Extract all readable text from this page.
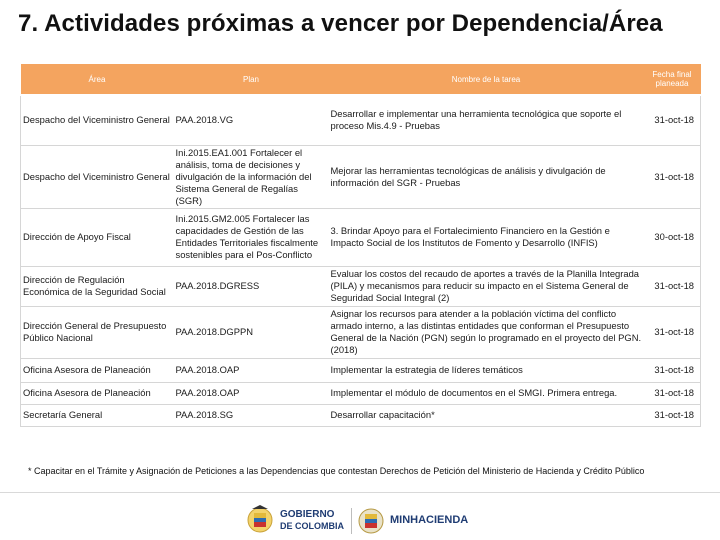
7. Actividades próximas a vencer por Dependencia/Área
Área	Plan	Nombre de la tarea	Fecha final planeada
Despacho del Viceministro General	PAA.2018.VG	Desarrollar e implementar una herramienta tecnológica que soporte el proceso Mis.4.9 - Pruebas	31-oct-18
Despacho del Viceministro General	Ini.2015.EA1.001 Fortalecer el análisis, toma de decisiones y divulgación de la información del Sistema General de Regalías (SGR)	Mejorar las herramientas tecnológicas de análisis y divulgación de información del SGR - Pruebas	31-oct-18
Dirección de Apoyo Fiscal	Ini.2015.GM2.005 Fortalecer las capacidades de Gestión de las Entidades Territoriales fiscalmente sostenibles para el Pos-Conflicto	3. Brindar Apoyo para el Fortalecimiento Financiero en la Gestión e Impacto Social de los Institutos de Fomento y Desarrollo (INFIS)	30-oct-18
Dirección de Regulación Económica de la Seguridad Social	PAA.2018.DGRESS	Evaluar los costos del recaudo de aportes a través de la Planilla Integrada (PILA) y mecanismos para reducir su impacto en el Sistema General de Seguridad Social Integral (2)	31-oct-18
Dirección General de Presupuesto Público Nacional	PAA.2018.DGPPN	Asignar los recursos para atender a la población víctima del conflicto armado interno, a las distintas entidades que conforman el Presupuesto General de la Nación (PGN) según lo programado en el proyecto del PGN. (2018)	31-oct-18
Oficina Asesora de Planeación	PAA.2018.OAP	Implementar la estrategia de líderes temáticos	31-oct-18
Oficina Asesora de Planeación	PAA.2018.OAP	Implementar el módulo de documentos en el SMGI. Primera entrega.	31-oct-18
Secretaría General	PAA.2018.SG	Desarrollar capacitación*	31-oct-18
* Capacitar en el Trámite y Asignación de Peticiones a las Dependencias que contestan Derechos de Petición del Ministerio de Hacienda y Crédito Público
GOBIERNO
DE COLOMBIA	MINHACIENDA
